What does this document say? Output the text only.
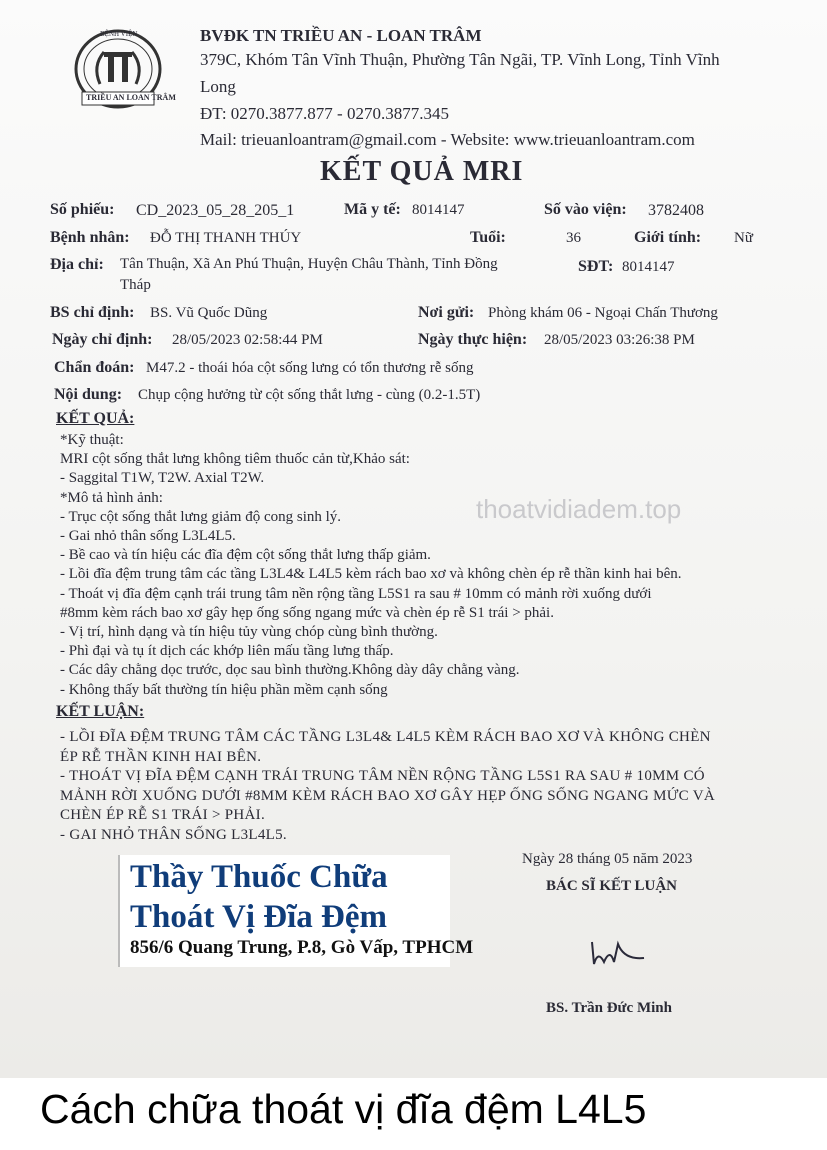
BỆNH VIỆN
TRIỀU AN LOAN TRÂM
BVĐK TN TRIỀU AN - LOAN TRÂM
379C, Khóm Tân Vĩnh Thuận, Phường Tân Ngãi, TP. Vĩnh Long, Tỉnh Vĩnh
Long
ĐT: 0270.3877.877 - 0270.3877.345
Mail: trieuanloantram@gmail.com - Website: www.trieuanloantram.com
KẾT QUẢ MRI
Số phiếu: CD_2023_05_28_205_1	Mã y tế: 8014147	Số vào viện: 3782408
Bệnh nhân: ĐỖ THỊ THANH THÚY	Tuổi:	36	Giới tính: Nữ
Địa chỉ: Tân Thuận, Xã An Phú Thuận, Huyện Châu Thành, Tỉnh Đồng
Tháp
SĐT: 8014147
BS chỉ định: BS. Vũ Quốc Dũng	Nơi gửi: Phòng khám 06 - Ngoại Chấn Thương
Ngày chỉ định: 28/05/2023 02:58:44 PM	Ngày thực hiện: 28/05/2023 03:26:38 PM
Chẩn đoán: M47.2 - thoái hóa cột sống lưng có tổn thương rễ sống
Nội dung: Chụp cộng hưởng từ cột sống thắt lưng - cùng (0.2-1.5T)
thoatvidiadem.top
KẾT QUẢ:
*Kỹ thuật:
MRI cột sống thắt lưng không tiêm thuốc cản từ,Khảo sát:
- Saggital T1W, T2W. Axial T2W.
*Mô tả hình ảnh:
- Trục cột sống thắt lưng giảm độ cong sinh lý.
- Gai nhỏ thân sống L3L4L5.
- Bề cao và tín hiệu các đĩa đệm cột sống thắt lưng thấp giảm.
- Lồi đĩa đệm trung tâm các tầng L3L4& L4L5 kèm rách bao xơ và không chèn ép rễ thần kinh hai bên.
- Thoát vị đĩa đệm cạnh trái trung tâm nền rộng tầng L5S1 ra sau # 10mm có mảnh rời xuống dưới
#8mm kèm rách bao xơ gây hẹp ống sống ngang mức và chèn ép rễ S1 trái > phải.
- Vị trí, hình dạng và tín hiệu tủy vùng chóp cùng bình thường.
- Phì đại và tụ ít dịch các khớp liên mấu tầng lưng thấp.
- Các dây chằng dọc trước, dọc sau bình thường.Không dày dây chằng vàng.
- Không thấy bất thường tín hiệu phần mềm cạnh sống
KẾT LUẬN:
- LỒI ĐĨA ĐỆM TRUNG TÂM CÁC TẦNG L3L4& L4L5 KÈM RÁCH BAO XƠ VÀ KHÔNG CHÈN
ÉP RỄ THẦN KINH HAI BÊN.
- THOÁT VỊ ĐĨA ĐỆM CẠNH TRÁI TRUNG TÂM NỀN RỘNG TẦNG L5S1 RA SAU # 10MM CÓ
MẢNH RỜI XUỐNG DƯỚI #8MM KÈM RÁCH BAO XƠ GÂY HẸP ỐNG SỐNG NGANG MỨC VÀ
CHÈN ÉP RỄ S1 TRÁI > PHẢI.
- GAI NHỎ THÂN SỐNG L3L4L5.
Ngày 28 tháng 05 năm 2023
BÁC SĨ KẾT LUẬN
BS. Trần Đức Minh
Thầy Thuốc Chữa
Thoát Vị Đĩa Đệm
856/6 Quang Trung, P.8, Gò Vấp, TPHCM
Cách chữa thoát vị đĩa đệm L4L5
